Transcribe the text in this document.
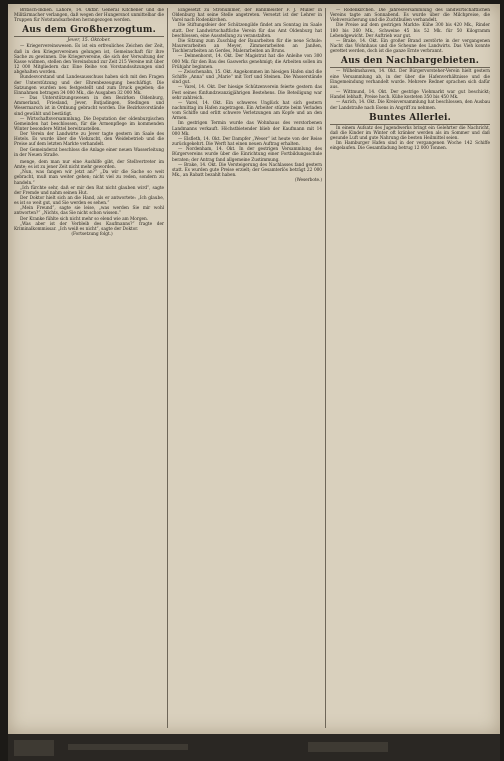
Britisch-Indien. Lahore, 14. Oktbr. General Kitchener und die Militärmacher verlangen, daß wegen der Hungersnot unmittelbar die Truppen für Notstandsarbeiten herangezogen werden.

Aus dem Großherzogtum.
Jever, 15. Oktober.

— Kriegervereinswesen. Es ist ein erfreuliches Zeichen der Zeit, daß in den Kriegervereinen gelungen ist, Gemeinschaft für ihre Sache zu gewinnen. Die Kriegervereine, die sich der Verwaltung der Kasse widmen, stellen den Vereinsbund zur Zeit 215 Vereine mit über 12 000 Mitgliedern dar. Eine Reihe von Vorstandssitzungen sind abgehalten worden.

Bundesvorstand und Landesausschuss haben sich mit den Fragen der Unterstützung und der Ehrenbezeugung beschäftigt. Die Satzungen wurden neu festgestellt und zum Druck gegeben; die Einnahmen betragen 34 000 Mk., die Ausgaben 32 000 Mk.

— Das Unterstützungswesen in den Bezirken Oldenburg, Ammerland, Friesland, Jever, Butjadingen, Stedingen und Wesermarsch ist in Ordnung gebracht worden. Die Bezirksvorstände sind gewählt und bestätigt.

— Wirtschaftsversammlung. Die Deputation der oldenburgischen Gemeinden hat beschlossen, für die Armenpflege im kommenden Winter besondere Mittel bereitzustellen.

Der Verein der Landwirte zu Jever tagte gestern im Saale des Hotels. Es wurde über die Viehzucht, den Weidebetrieb und die Preise auf dem letzten Markte verhandelt.

Der Gemeinderat beschloss die Anlage einer neuen Wasserleitung in der Neuen Straße.

menge, dem man nur eine Aushilfe gibt, der Stellvertreter im Amte; es ist zu jener Zeit nicht mehr geworden.

„Nun, was fangen wir jetzt an?“ „Da wir die Sache so weit gebracht, muß man weiter gehen; nicht viel zu reden, sondern zu handeln.“

„Ich fürchte sehr, daß er mir den Rat nicht glauben wird“, sagte der Fremde und nahm seinen Hut.

Der Doktor hielt sich an die Hand, als er antwortete: „Ich glaube, es ist so weit gut, und Sie werden es sehen.“

„Mein Freund“, sagte sie leise, „was werden Sie mir wohl antworten?“ „Nichts, das Sie nicht schon wissen.“

Der Kranke fühlte sich nicht mehr so elend wie am Morgen.

„Was aber ist der Verbleib des Kaufmanns?“ fragte der Kriminalkommissar. „Ich weiß es nicht“, sagte der Doktor.

(Fortsetzung folgt.)

Eingesetzt zu Strohummer, der Bahnmeister F. J. Müller in Oldenburg hat seine Stelle angetreten. Versetzt ist der Lehrer in Varel nach Rodenkirchen.

Die Stiftungsfeier der Schützengilde findet am Sonntag im Saale statt. Der Landwirtschaftliche Verein für das Amt Oldenburg hat beschlossen, eine Ausstellung zu veranstalten.

Die Sitzung zum Zuschlag der Bauarbeiten für die neue Schule: Maurerarbeiten an Meyer, Zimmerarbeiten an Janßen, Tischlerarbeiten an Gerdes, Malerarbeiten an Bruns.

— Delmenhorst, 14. Okt. Der Magistrat hat die Anleihe von 300 000 Mk. für den Bau des Gaswerks genehmigt; die Arbeiten sollen im Frühjahr beginnen.

— Zwischenahn, 15. Okt. Angekommen im hiesigen Hafen sind die Schiffe „Anna“ und „Marie“ mit Torf und Steinen. Die Wasserstände sind gut.

— Varel, 14. Okt. Der hiesige Schützenverein feierte gestern das Fest seines fünfundzwanzigjährigen Bestehens. Die Beteiligung war sehr zahlreich.

— Varel, 14. Okt. Ein schweres Unglück hat sich gestern nachmittag im Hafen zugetragen. Ein Arbeiter stürzte beim Verladen vom Schiffe und erlitt schwere Verletzungen am Kopfe und an den Armen.

Im gestrigen Termin wurde das Wohnhaus des verstorbenen Landmanns verkauft. Höchstbietender blieb der Kaufmann mit 14 000 Mk.

— Elsfleth, 14. Okt. Der Dampfer „Weser“ ist heute von der Reise zurückgekehrt. Die Werft hat einen neuen Auftrag erhalten.

— Nordenham, 14. Okt. In der gestrigen Versammlung des Bürgervereins wurde über die Einrichtung einer Fortbildungsschule beraten; der Antrag fand allgemeine Zustimmung.

— Brake, 14. Okt. Die Versteigerung des Nachlasses fand gestern statt. Es wurden gute Preise erzielt; der Gesamterlös beträgt 22 000 Mk., an Rabatt bezahlt haben.

(Weserbote.)

— Rodenkirchen. Die Jahresversammlung des landwirtschaftlichen Vereins tagte am Sonnabend. Es wurde über die Milchpreise, die Viehversicherung und die Zuchtbullen verhandelt.

Die Preise auf dem gestrigen Markte: Kühe 300 bis 420 Mk., Rinder 180 bis 260 Mk., Schweine 45 bis 52 Mk. für 50 Kilogramm Lebendgewicht. Der Auftrieb war gut.

— Brake, 14. Okt. Ein großer Brand zerstörte in der vergangenen Nacht das Wohnhaus und die Scheune des Landwirts. Das Vieh konnte gerettet werden, doch ist die ganze Ernte verbrannt.

Aus den Nachbargebieten.

— Wilhelmshaven, 14. Okt. Der Bürgervorsteher-Verein hielt gestern eine Versammlung ab, in der über die Hafenverhältnisse und die Eingemeindung verhandelt wurde. Mehrere Redner sprachen sich dafür aus.

— Wittmund, 14. Okt. Der gestrige Viehmarkt war gut beschickt; Handel lebhaft, Preise hoch. Kühe kosteten 350 bis 450 Mk.

— Aurich, 14. Okt. Die Kreisversammlung hat beschlossen, den Ausbau der Landstraße nach Esens in Angriff zu nehmen.

Buntes Allerlei.

In einem Aufsatz des Jugendwerks bringt ein Gelehrter die Nachricht, daß die Kinder im Winter oft kränker werden als im Sommer und daß gesunde Luft und gute Nahrung die besten Heilmittel seien.

Im Hamburger Hafen sind in der vergangenen Woche 142 Schiffe eingelaufen. Die Gesamtladung betrug 12 000 Tonnen.
